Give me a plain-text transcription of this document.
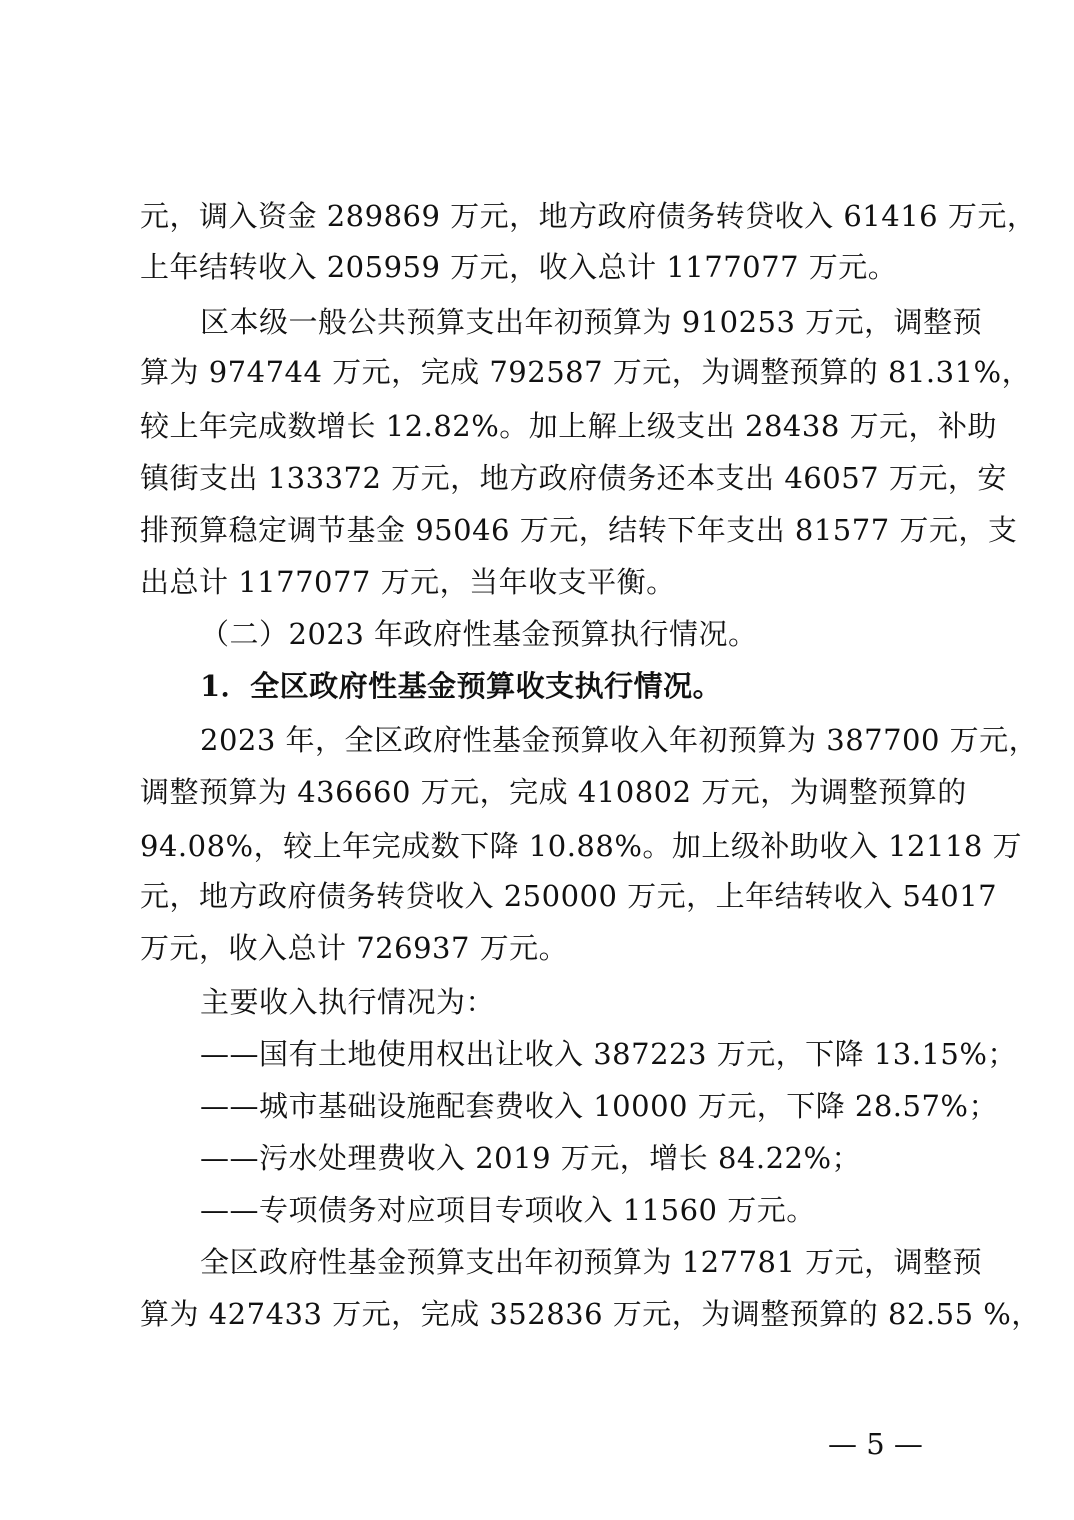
元，调入资金 289869 万元，地方政府债务转贷收入 61416 万元，
上年结转收入 205959 万元，收入总计 1177077 万元。
区本级一般公共预算支出年初预算为 910253 万元，调整预
算为 974744 万元，完成 792587 万元，为调整预算的 81.31%，
较上年完成数增长 12.82%。加上解上级支出 28438 万元，补助
镇街支出 133372 万元，地方政府债务还本支出 46057 万元，安
排预算稳定调节基金 95046 万元，结转下年支出 81577 万元，支
出总计 1177077 万元，当年收支平衡。
（二）2023 年政府性基金预算执行情况。
1．全区政府性基金预算收支执行情况。
2023 年，全区政府性基金预算收入年初预算为 387700 万元，
调整预算为 436660 万元，完成 410802 万元，为调整预算的
94.08%，较上年完成数下降 10.88%。加上级补助收入 12118 万
元，地方政府债务转贷收入 250000 万元，上年结转收入 54017
万元，收入总计 726937 万元。
主要收入执行情况为：
——国有土地使用权出让收入 387223 万元，下降 13.15%；
——城市基础设施配套费收入 10000 万元，下降 28.57%；
——污水处理费收入 2019 万元，增长 84.22%；
——专项债务对应项目专项收入 11560 万元。
全区政府性基金预算支出年初预算为 127781 万元，调整预
算为 427433 万元，完成 352836 万元，为调整预算的 82.55 %，
— 5 —
